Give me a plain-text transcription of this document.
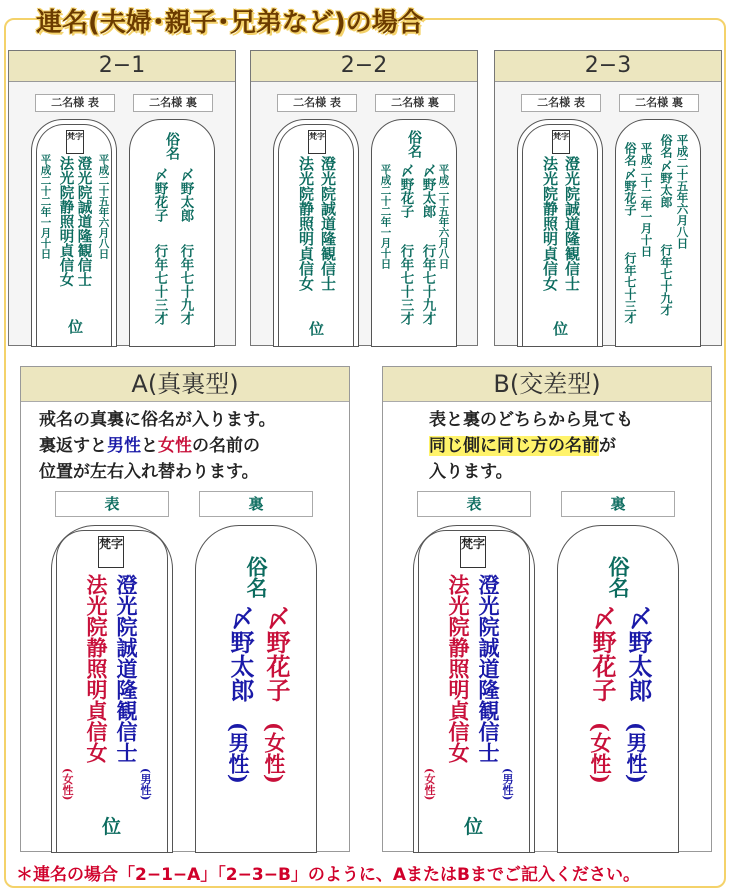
連名(夫婦･親子･兄弟など)の場合
2−1
二名様 表	二名様 裏
梵字
澄光院誠道隆観信士
法光院静照明貞信女 平成二十五年六月八日
平成二十二年一月十日
位
俗名
〆野太郎
〆野花子
行年七十九才
行年七十三才
2−2
二名様 表	二名様 裏
梵字
澄光院誠道隆観信士
法光院静照明貞信女
位
俗名
平成二十五年六月八日
〆野太郎
〆野花子
平成二十二年一月十日
行年七十九才
行年七十三才
2−3
二名様 表	二名様 裏
梵字
澄光院誠道隆観信士
法光院静照明貞信女
位
平成二十五年六月八日
俗名
〆野太郎
行年七十九才
平成二十二年一月十日
俗名
〆野花子
行年七十三才
A(真裏型)
戒名の真裏に俗名が入ります。
裏返すと男性と女性の名前の
位置が左右入れ替わります。
表	裏
梵字
澄光院誠道隆観信士
(男性)
法光院静照明貞信女
(女性)
位
俗名
〆野花子
〆野太郎
(女性)
(男性)
B(交差型)
表と裏のどちらから見ても
同じ側に同じ方の名前が
入ります。
表	裏
梵字
澄光院誠道隆観信士
(男性)
法光院静照明貞信女
(女性)
位
俗名
〆野太郎
〆野花子
(男性)
(女性)
＊連名の場合「2−1−A」「2−3−B」のように、AまたはBまでご記入ください。
